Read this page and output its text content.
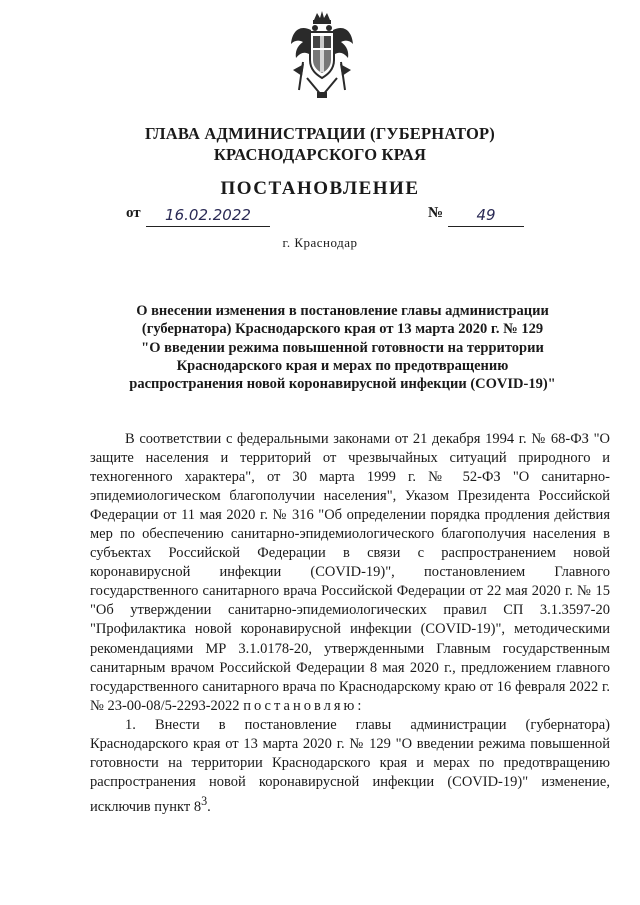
ГЛАВА АДМИНИСТРАЦИИ (ГУБЕРНАТОР)
КРАСНОДАРСКОГО КРАЯ
ПОСТАНОВЛЕНИЕ
от	16.02.2022	№	49
г. Краснодар
О внесении изменения в постановление главы администрации
(губернатора) Краснодарского края от 13 марта 2020 г. № 129
"О введении режима повышенной готовности на территории
Краснодарского края и мерах по предотвращению
распространения новой коронавирусной инфекции (COVID-19)"

В соответствии с федеральными законами от 21 декабря 1994 г. № 68-ФЗ "О защите населения и территорий от чрезвычайных ситуаций природного и техногенного характера", от 30 марта 1999 г. № 52-ФЗ "О санитарно-эпидемиологическом благополучии населения", Указом Президента Российской Федерации от 11 мая 2020 г. № 316 "Об определении порядка продления действия мер по обеспечению санитарно-эпидемиологического благополучия населения в субъектах Российской Федерации в связи с распространением новой коронавирусной инфекции (COVID-19)", постановлением Главного государственного санитарного врача Российской Федерации от 22 мая 2020 г. № 15 "Об утверждении санитарно-эпидемиологических правил СП 3.1.3597-20 "Профилактика новой коронавирусной инфекции (COVID-19)", методическими рекомендациями МР 3.1.0178-20, утвержденными Главным государственным санитарным врачом Российской Федерации 8 мая 2020 г., предложением главного государственного санитарного врача по Краснодарскому краю от 16 февраля 2022 г. № 23-00-08/5-2293-2022 постановляю:

1. Внести в постановление главы администрации (губернатора) Краснодарского края от 13 марта 2020 г. № 129 "О введении режима повышенной готовности на территории Краснодарского края и мерах по предотвращению распространения новой коронавирусной инфекции (COVID-19)" изменение, исключив пункт $8^3$.
